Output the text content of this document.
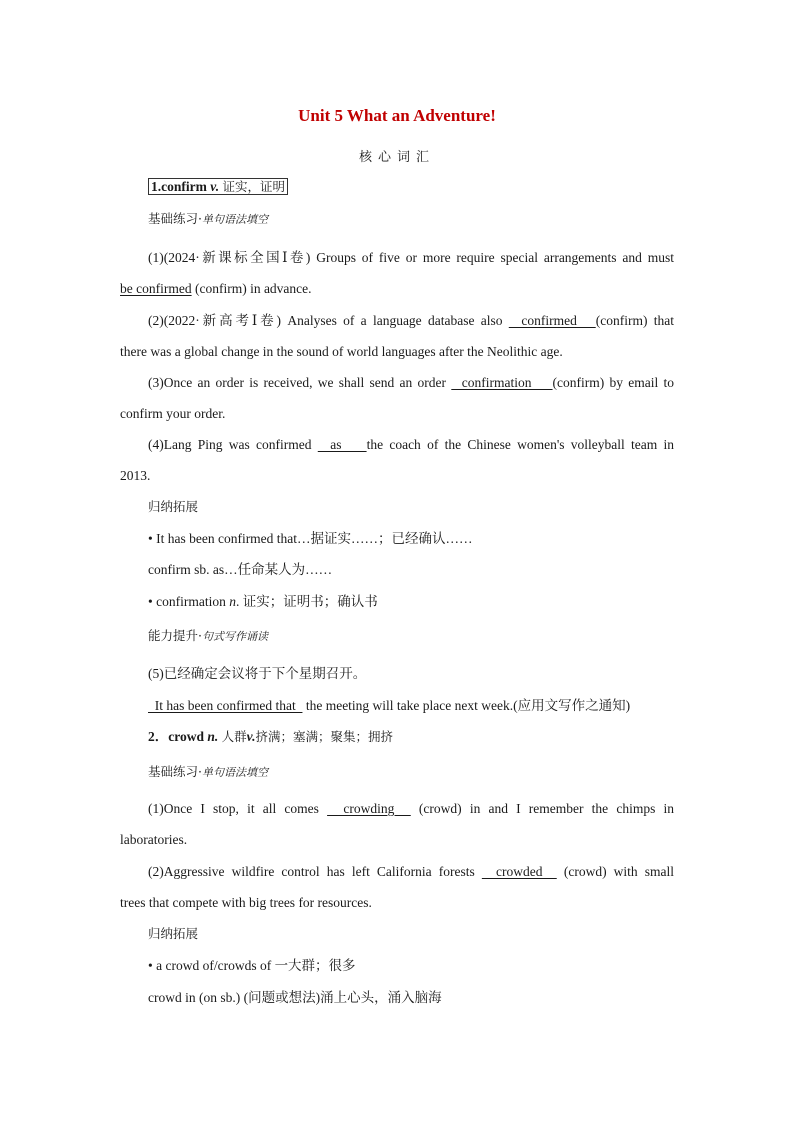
Unit 5 What an Adventure!
核心词汇
1.confirm v. 证实，证明
基础练习·单句语法填空
(1)(2024·新课标全国Ⅰ卷) Groups of five or more require special arrangements and must
be confirmed (confirm) in advance.
(2)(2022·新高考Ⅰ卷) Analyses of a language database also   confirmed   (confirm) that
there was a global change in the sound of world languages after the Neolithic age.
(3)Once an order is received, we shall send an order   confirmation    (confirm) by email to
confirm your order.
(4)Lang Ping was confirmed   as    the coach of the Chinese women's volleyball team in
2013.
归纳拓展
• It has been confirmed that…据证实……；已经确认……
confirm sb. as…任命某人为……
• confirmation n. 证实；证明书；确认书
能力提升·句式写作诵读
(5)已经确定会议将于下个星期召开。
It has been confirmed that   the meeting will take place next week.(应用文写作之通知)
2．crowd n. 人群v.挤满；塞满；聚集；拥挤
基础练习·单句语法填空
(1)Once I stop, it all comes   crowding   (crowd) in and I remember the chimps in
laboratories.
(2)Aggressive wildfire control has left California forests   crowded   (crowd) with small
trees that compete with big trees for resources.
归纳拓展
• a crowd of/crowds of 一大群；很多
crowd in (on sb.) (问题或想法)涌上心头，涌入脑海
